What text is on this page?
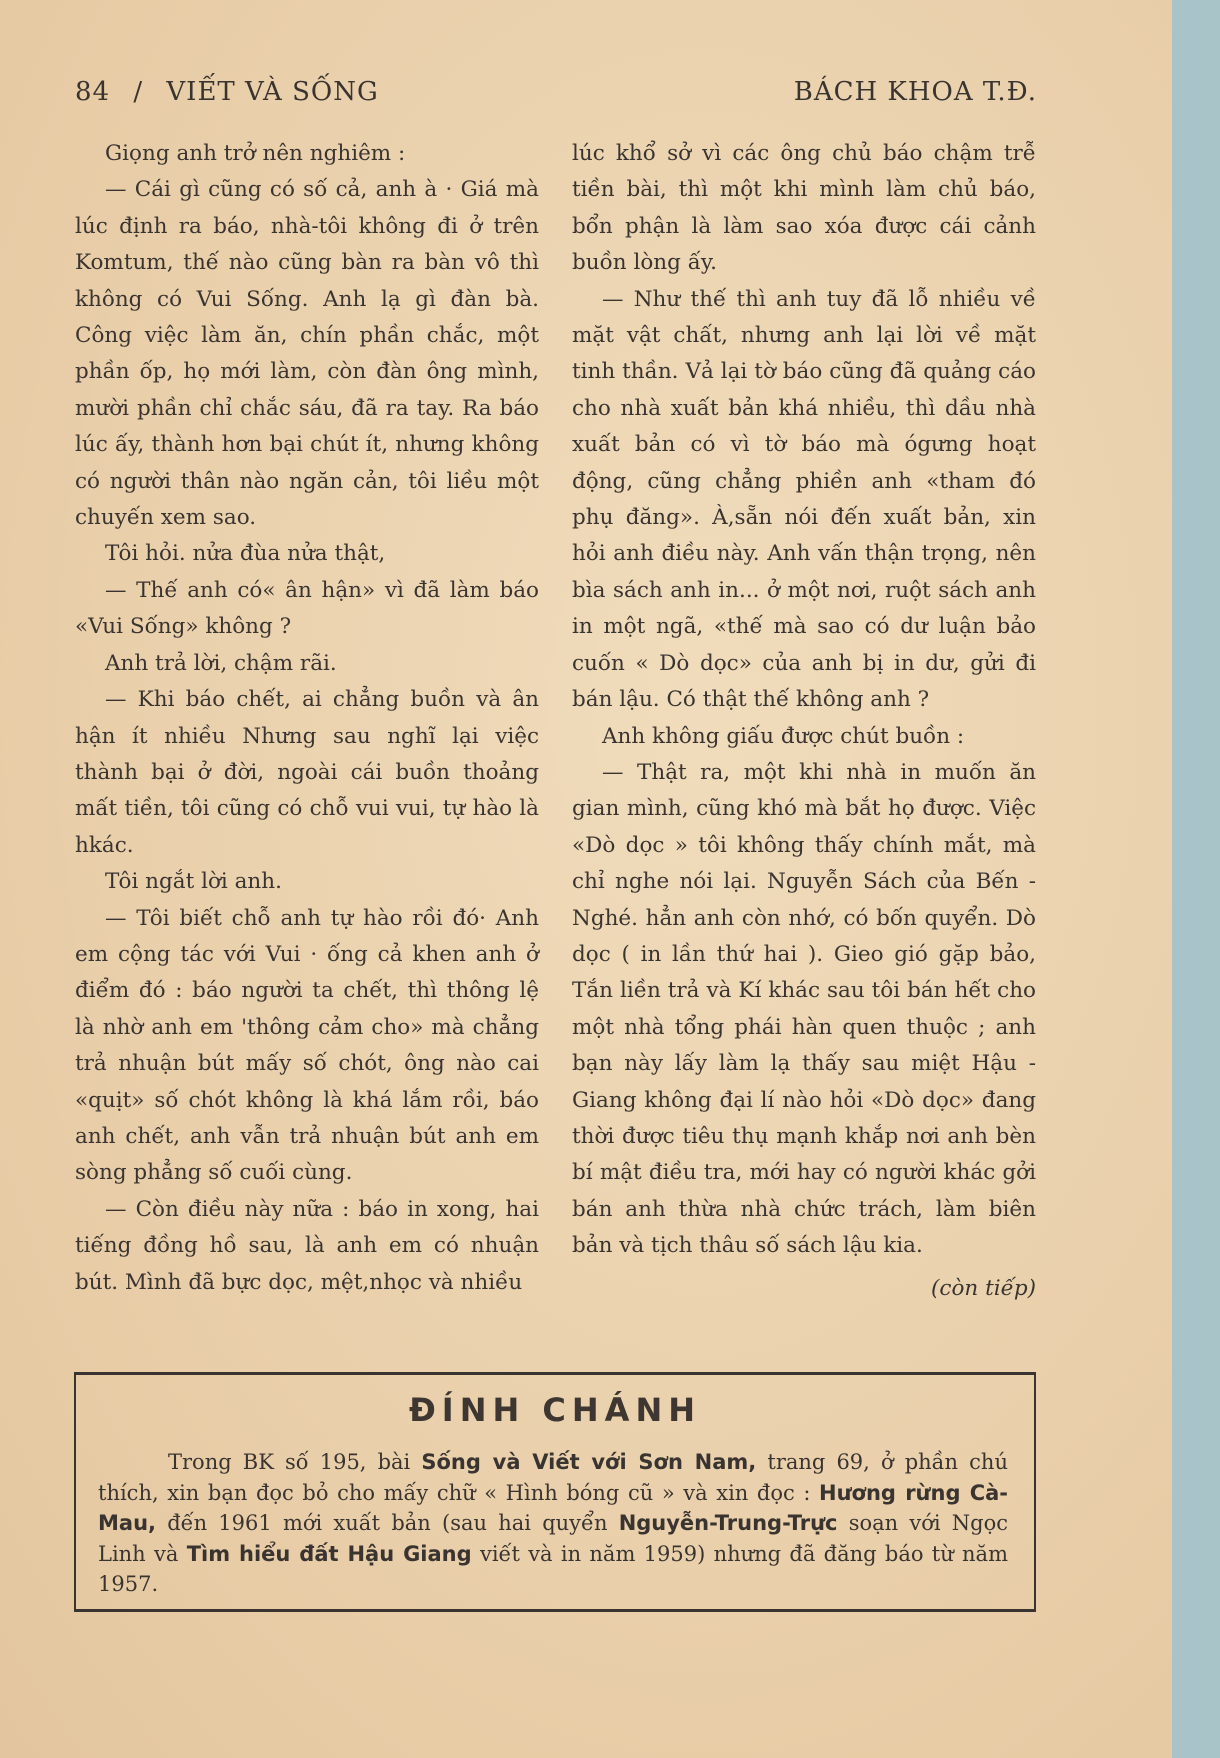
84 / VIẾT VÀ SỐNG	BÁCH KHOA T.Đ.

Giọng anh trở nên nghiêm :

— Cái gì cũng có số cả, anh à · Giá mà lúc định ra báo, nhà-tôi không đi ở trên Komtum, thế nào cũng bàn ra bàn vô thì không có Vui Sống. Anh lạ gì đàn bà. Công việc làm ăn, chín phần chắc, một phần ốp, họ mới làm, còn đàn ông mình, mười phần chỉ chắc sáu, đã ra tay. Ra báo lúc ấy, thành hơn bại chút ít, nhưng không có người thân nào ngăn cản, tôi liều một chuyến xem sao.

Tôi hỏi. nửa đùa nửa thật,

— Thế anh có« ân hận» vì đã làm báo «Vui Sống» không ?

Anh trả lời, chậm rãi.

— Khi báo chết, ai chẳng buồn và ân hận ít nhiều Nhưng sau nghĩ lại việc thành bại ở đời, ngoài cái buồn thoảng mất tiền, tôi cũng có chỗ vui vui, tự hào là hkác.

Tôi ngắt lời anh.

— Tôi biết chỗ anh tự hào rồi đó· Anh em cộng tác với Vui · ống cả khen anh ở điểm đó : báo người ta chết, thì thông lệ là nhờ anh em 'thông cảm cho» mà chẳng trả nhuận bút mấy số chót, ông nào cai «quịt» số chót không là khá lắm rồi, báo anh chết, anh vẫn trả nhuận bút anh em sòng phẳng số cuối cùng.

— Còn điều này nữa : báo in xong, hai tiếng đồng hồ sau, là anh em có nhuận bút. Mình đã bực dọc, mệt,nhọc và nhiều

lúc khổ sở vì các ông chủ báo chậm trễ tiền bài, thì một khi mình làm chủ báo, bổn phận là làm sao xóa được cái cảnh buồn lòng ấy.

— Như thế thì anh tuy đã lỗ nhiều về mặt vật chất, nhưng anh lại lời về mặt tinh thần. Vả lại tờ báo cũng đã quảng cáo cho nhà xuất bản khá nhiều, thì dầu nhà xuất bản có vì tờ báo mà ógưng hoạt động, cũng chẳng phiền anh «tham đó phụ đăng». À,sẵn nói đến xuất bản, xin hỏi anh điều này. Anh vấn thận trọng, nên bìa sách anh in... ở một nơi, ruột sách anh in một ngã, «thế mà sao có dư luận bảo cuốn « Dò dọc» của anh bị in dư, gửi đi bán lậu. Có thật thế không anh ?

Anh không giấu được chút buồn :

— Thật ra, một khi nhà in muốn ăn gian mình, cũng khó mà bắt họ được. Việc «Dò dọc » tôi không thấy chính mắt, mà chỉ nghe nói lại. Nguyễn Sách của Bến - Nghé. hẳn anh còn nhớ, có bốn quyển. Dò dọc ( in lần thứ hai ). Gieo gió gặp bảo, Tắn liền trả và Kí khác sau tôi bán hết cho một nhà tổng phái hàn quen thuộc ; anh bạn này lấy làm lạ thấy sau miệt Hậu - Giang không đại lí nào hỏi «Dò dọc» đang thời được tiêu thụ mạnh khắp nơi anh bèn bí mật điều tra, mới hay có người khác gởi bán anh thừa nhà chức trách, làm biên bản và tịch thâu số sách lậu kia.

(còn tiếp)

ĐÍNH CHÁNH
Trong BK số 195, bài Sống và Viết với Sơn Nam, trang 69, ở phần chú thích, xin bạn đọc bỏ cho mấy chữ « Hình bóng cũ » và xin đọc : Hương rừng Cà-Mau, đến 1961 mới xuất bản (sau hai quyển Nguyễn-Trung-Trực soạn với Ngọc Linh và Tìm hiểu đất Hậu Giang viết và in năm 1959) nhưng đã đăng báo từ năm 1957.
